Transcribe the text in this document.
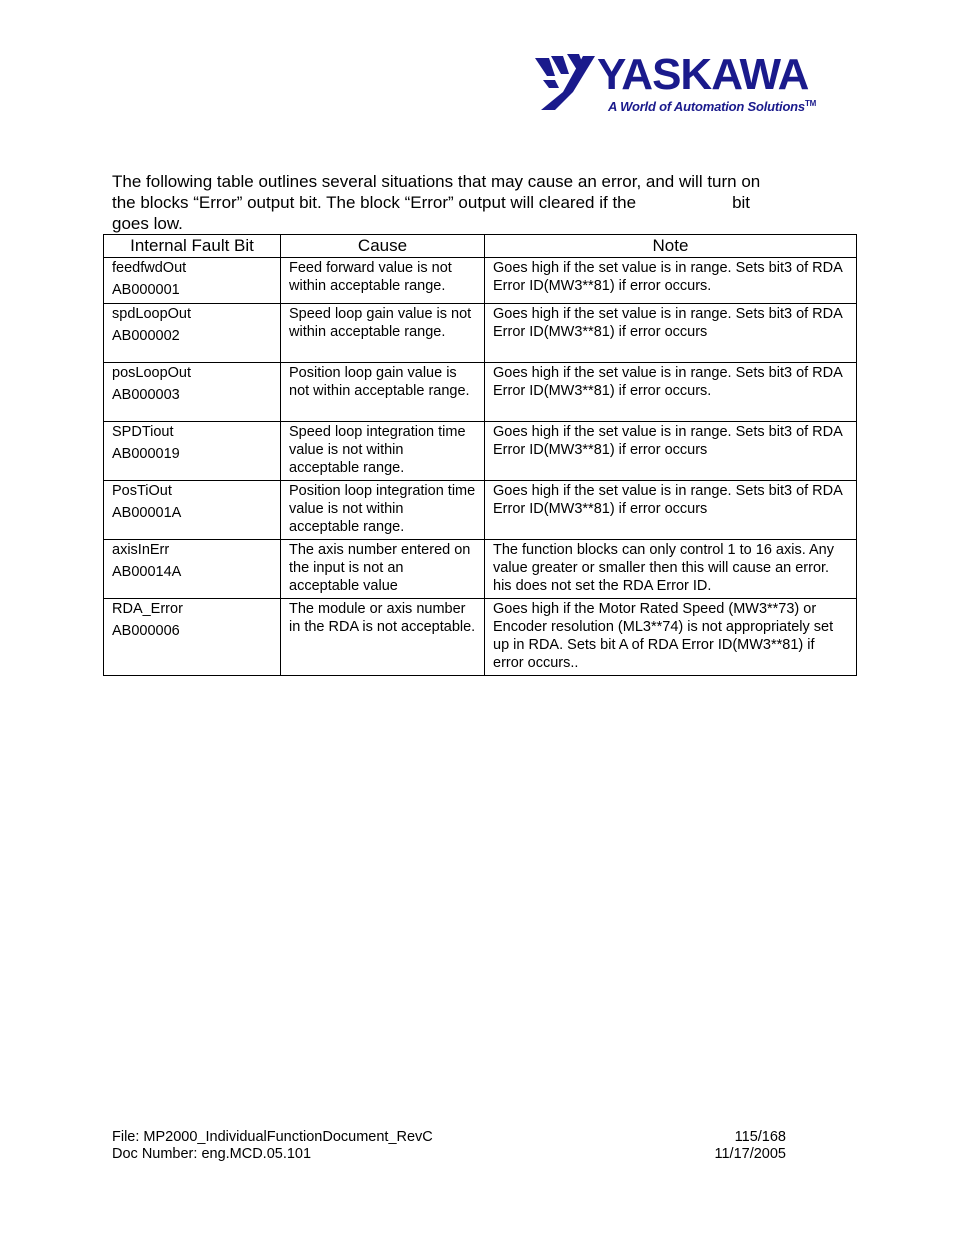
YASKAWA
A World of Automation Solutions™
The following table outlines several situations that may cause an error, and will turn on
the blocks “Error” output bit. The block “Error” output will cleared if the	bit
goes low.
Internal Fault Bit	Cause	Note

feedfwdOut
AB000001	Feed forward value is not within acceptable range.	Goes high if the set value is in range. Sets bit3 of RDA Error ID(MW3**81) if error occurs.

spdLoopOut
AB000002	Speed loop gain value is not within acceptable range.	Goes high if the set value is in range. Sets bit3 of RDA Error ID(MW3**81) if error occurs

posLoopOut
AB000003	Position loop gain value is not within acceptable range.	Goes high if the set value is in range. Sets bit3 of RDA Error ID(MW3**81) if error occurs.

SPDTiout
AB000019	Speed loop integration time value is not within acceptable range.	Goes high if the set value is in range. Sets bit3 of RDA Error ID(MW3**81) if error occurs

PosTiOut
AB00001A	Position loop integration time value is not within acceptable range.	Goes high if the set value is in range. Sets bit3 of RDA Error ID(MW3**81) if error occurs

axisInErr
AB00014A	The axis number entered on the input is not an acceptable value	The function blocks can only control 1 to 16 axis. Any value greater or smaller then this will cause an error. his does not set the RDA Error ID.

RDA_Error
AB000006	The module or axis number in the RDA is not acceptable.	Goes high if the Motor Rated Speed (MW3**73) or Encoder resolution (ML3**74) is not appropriately set up in RDA. Sets bit A of RDA Error ID(MW3**81) if error occurs..
File: MP2000_IndividualFunctionDocument_RevC
Doc Number: eng.MCD.05.101
115/168
11/17/2005
